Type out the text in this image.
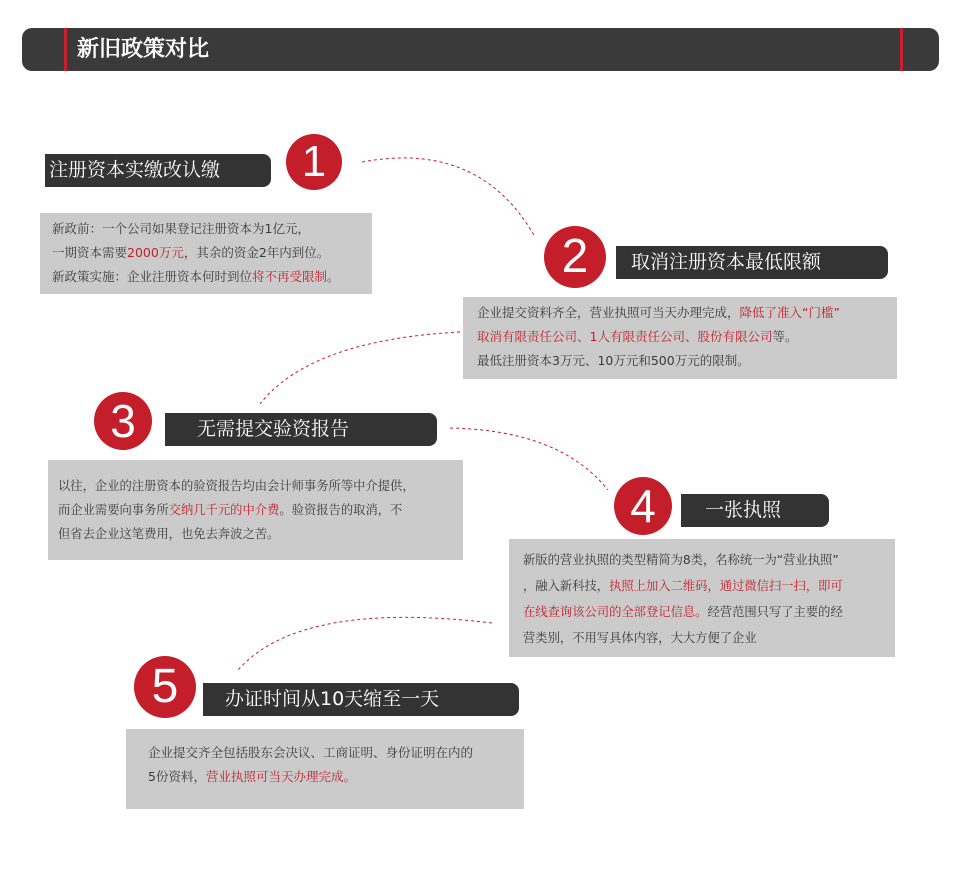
新旧政策对比
注册资本实缴改认缴	1
新政前：一个公司如果登记注册资本为1亿元，
一期资本需要2000万元，其余的资金2年内到位。
新政策实施：企业注册资本何时到位将不再受限制。	2	取消注册资本最低限额
企业提交资料齐全，营业执照可当天办理完成，降低了准入“门槛”
取消有限责任公司、1人有限责任公司、股份有限公司等。
最低注册资本3万元、10万元和500万元的限制。
3	无需提交验资报告
以往，企业的注册资本的验资报告均由会计师事务所等中介提供，
而企业需要向事务所交纳几千元的中介费。验资报告的取消，不
但省去企业这笔费用，也免去奔波之苦。
4	一张执照
新版的营业执照的类型精简为8类，名称统一为“营业执照”
，融入新科技，执照上加入二维码，通过微信扫一扫，即可
在线查询该公司的全部登记信息。经营范围只写了主要的经
营类别，不用写具体内容，大大方便了企业
5	办证时间从10天缩至一天
企业提交齐全包括股东会决议、工商证明、身份证明在内的
5份资料，营业执照可当天办理完成。
